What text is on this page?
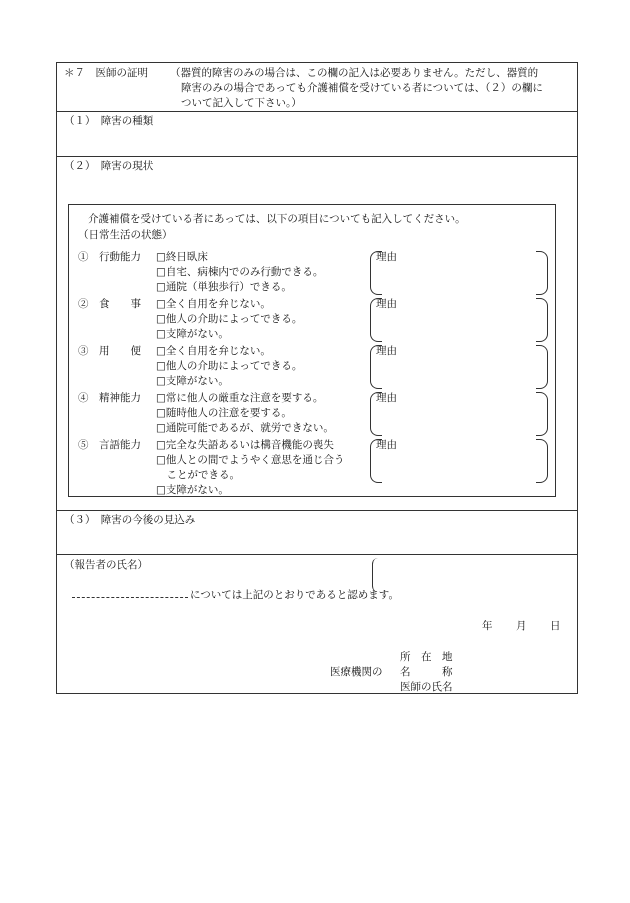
＊７　医師の証明 （器質的障害のみの場合は、この欄の記入は必要ありません。ただし、器質的
障害のみの場合であっても介護補償を受けている者については、（２）の欄に
ついて記入して下さい。）
（１）　障害の種類
（２）　障害の現状
介護補償を受けている者にあっては、以下の項目についても記入してください。
（日常生活の状態）
①　行動能力 □終日臥床
□自宅、病棟内でのみ行動できる。
□通院（単独歩行）できる。
理由
②　食　　事 □全く自用を弁じない。
□他人の介助によってできる。
□支障がない。
理由
③　用　　便 □全く自用を弁じない。
□他人の介助によってできる。
□支障がない。
理由
④　精神能力 □常に他人の厳重な注意を要する。
□随時他人の注意を要する。
□通院可能であるが、就労できない。
理由
⑤　言語能力 □完全な失語あるいは構音機能の喪失
□他人との間でようやく意思を通じ合う
　ことができる。
□支障がない。
理由
（３）　障害の今後の見込み
（報告者の氏名）
については上記のとおりであると認めます。
年 月 日
所　在　地
医療機関の 名　　　称
医師の氏名
